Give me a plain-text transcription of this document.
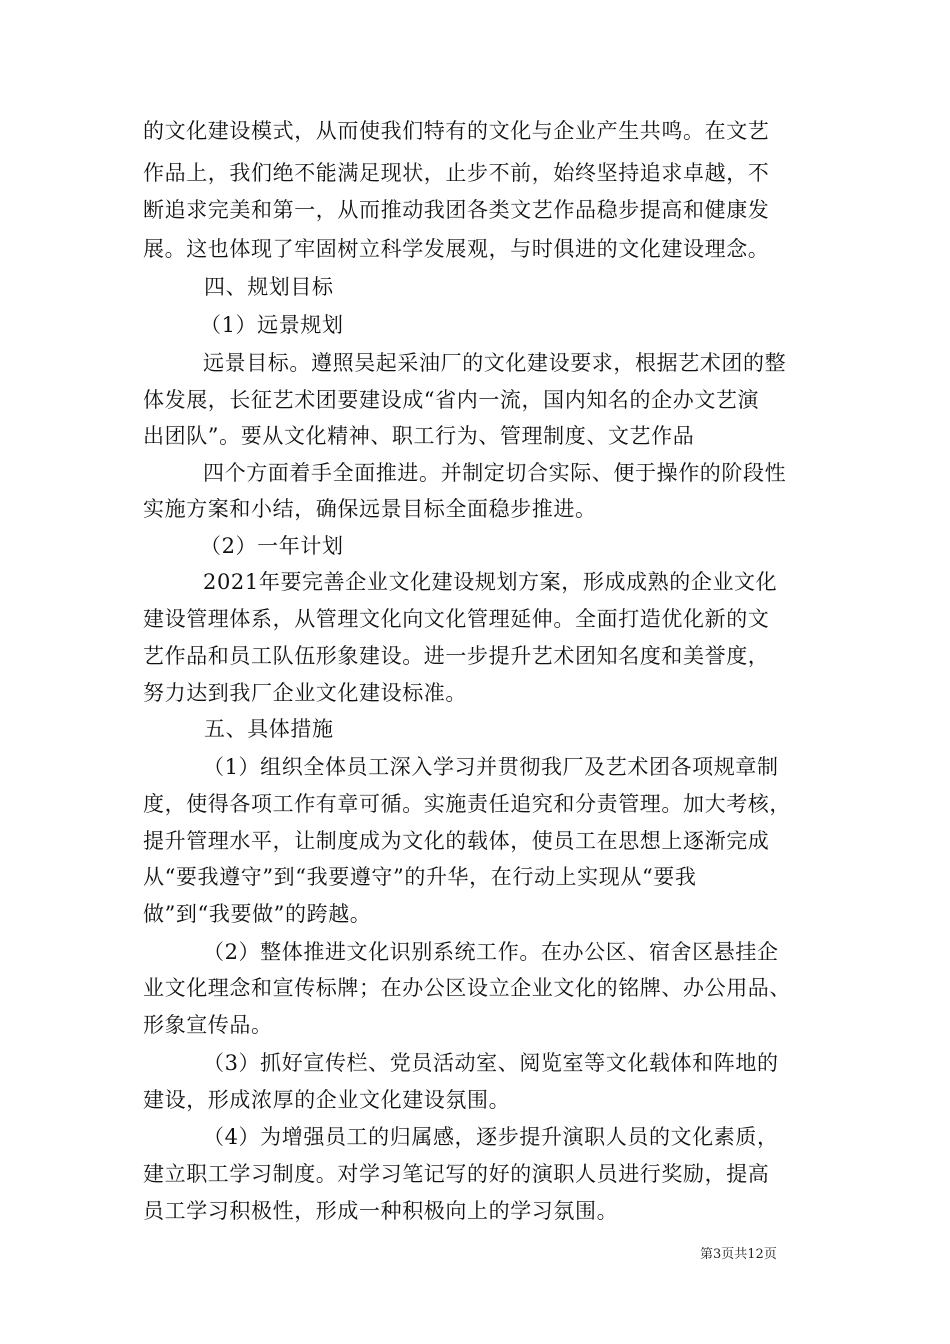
的文化建设模式，从而使我们特有的文化与企业产生共鸣。在文艺
作品上，我们绝不能满足现状，止步不前，始终坚持追求卓越，不
断追求完美和第一，从而推动我团各类文艺作品稳步提高和健康发
展。这也体现了牢固树立科学发展观，与时俱进的文化建设理念。
四、规划目标
（1）远景规划
远景目标。遵照吴起采油厂的文化建设要求，根据艺术团的整
体发展，长征艺术团要建设成“省内一流，国内知名的企办文艺演
出团队”。要从文化精神、职工行为、管理制度、文艺作品
四个方面着手全面推进。并制定切合实际、便于操作的阶段性
实施方案和小结，确保远景目标全面稳步推进。
（2）一年计划
2021年要完善企业文化建设规划方案，形成成熟的企业文化
建设管理体系，从管理文化向文化管理延伸。全面打造优化新的文
艺作品和员工队伍形象建设。进一步提升艺术团知名度和美誉度，
努力达到我厂企业文化建设标准。
五、具体措施
（1）组织全体员工深入学习并贯彻我厂及艺术团各项规章制
度，使得各项工作有章可循。实施责任追究和分责管理。加大考核，
提升管理水平，让制度成为文化的载体，使员工在思想上逐渐完成
从“要我遵守”到“我要遵守”的升华，在行动上实现从“要我
做”到“我要做”的跨越。
（2）整体推进文化识别系统工作。在办公区、宿舍区悬挂企
业文化理念和宣传标牌；在办公区设立企业文化的铭牌、办公用品、
形象宣传品。
（3）抓好宣传栏、党员活动室、阅览室等文化载体和阵地的
建设，形成浓厚的企业文化建设氛围。
（4）为增强员工的归属感，逐步提升演职人员的文化素质，
建立职工学习制度。对学习笔记写的好的演职人员进行奖励，提高
员工学习积极性，形成一种积极向上的学习氛围。
第3页共12页
